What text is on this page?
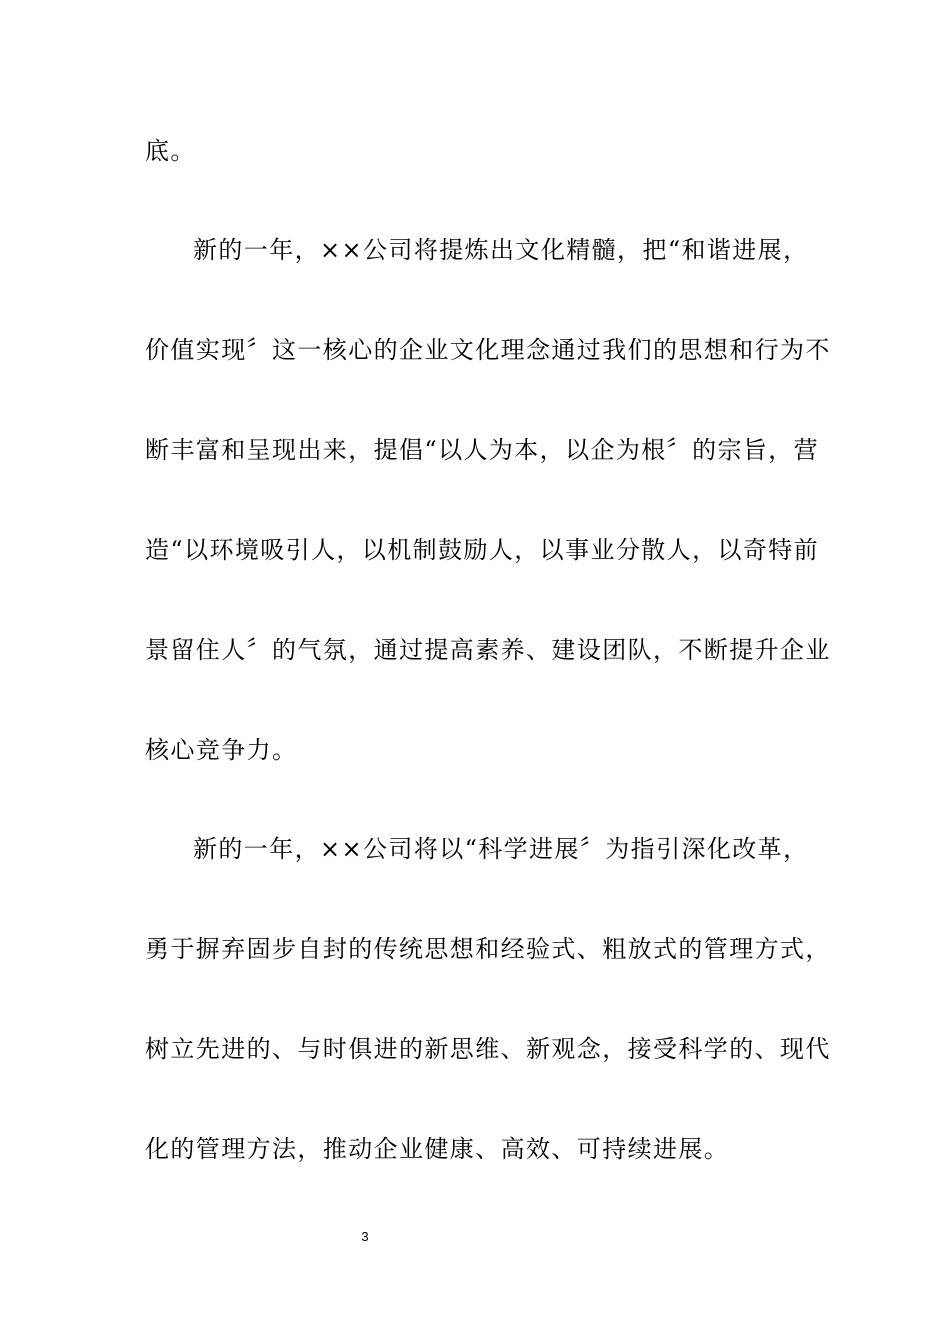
底。
新的一年，××公司将提炼出文化精髓，把“和谐进展，
价值实现〞这一核心的企业文化理念通过我们的思想和行为不
断丰富和呈现出来，提倡“以人为本，以企为根〞的宗旨，营
造“以环境吸引人，以机制鼓励人，以事业分散人，以奇特前
景留住人〞的气氛，通过提高素养、建设团队，不断提升企业
核心竞争力。
新的一年，××公司将以“科学进展〞为指引深化改革，
勇于摒弃固步自封的传统思想和经验式、粗放式的管理方式，
树立先进的、与时俱进的新思维、新观念，接受科学的、现代
化的管理方法，推动企业健康、高效、可持续进展。
3
